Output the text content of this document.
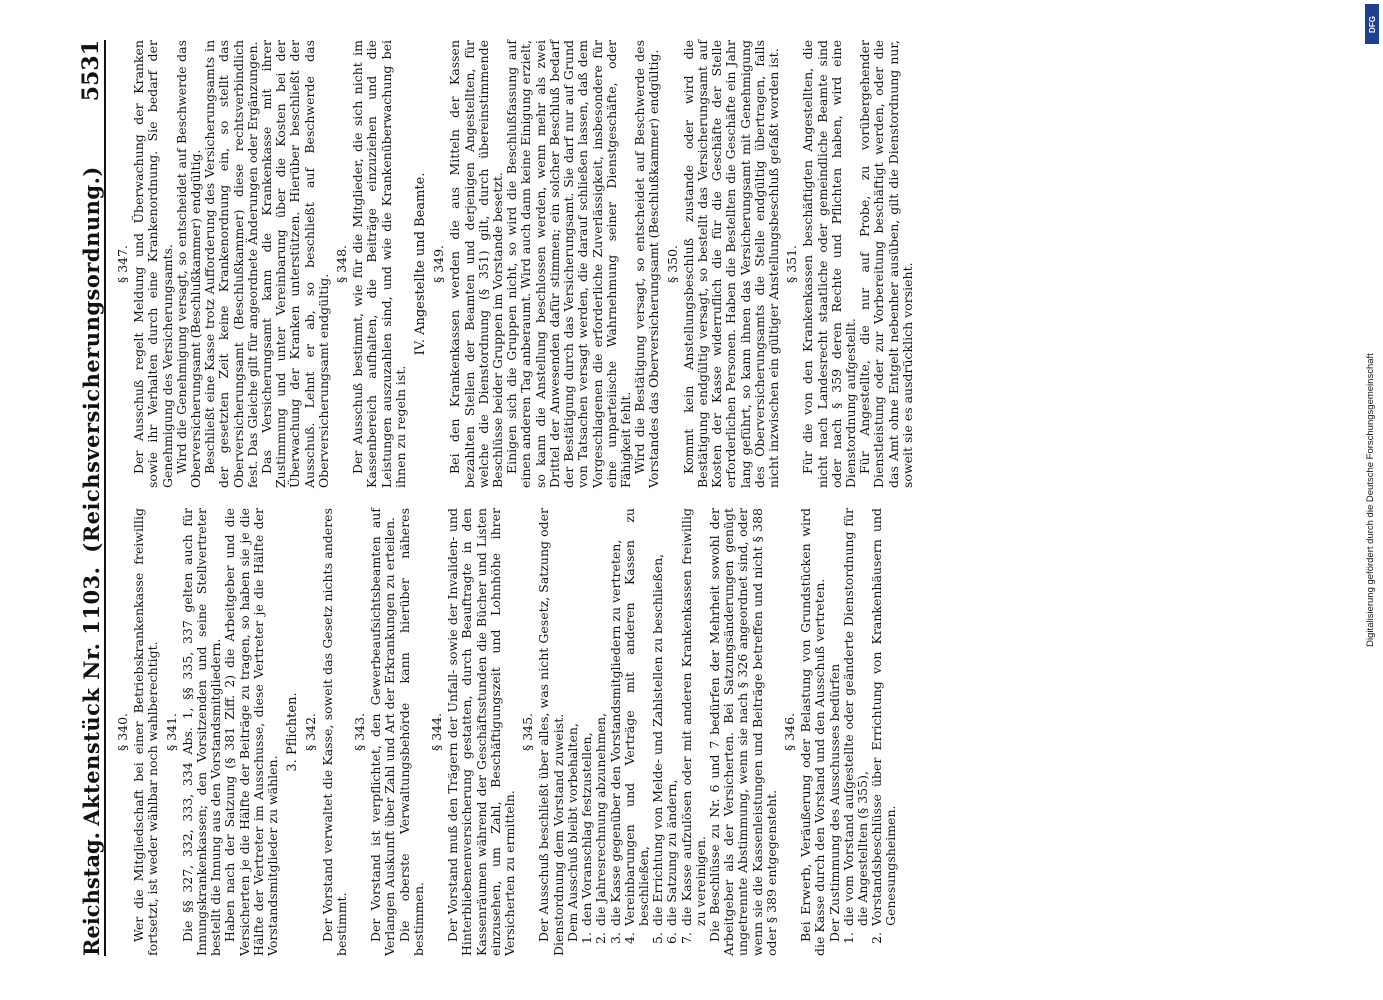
Reichstag.
Aktenstück Nr. 1103. (Reichsversicherungsordnung.)
5531
§ 340. Wer die Mitgliedschaft bei einer Betriebskrankenkasse freiwillig fortsetzt, ist weder wählbar noch wahlberechtigt. § 341. Die §§ 327, 332, 333, 334 Abs. 1, §§ 335, 337 gelten auch für Innungskrankenkassen; den Vorsitzenden und seine Stellvertreter bestellt die Innung aus den Vorstandsmitgliedern. Haben nach der Satzung (§ 381 Ziff. 2) die Arbeitgeber und die Versicherten je die Hälfte der Beiträge zu tragen, so haben sie je die Hälfte der Vertreter im Ausschusse, diese Vertreter je die Hälfte der Vorstandsmitglieder zu wählen.

3. Pflichten. § 342. Der Vorstand verwaltet die Kasse, soweit das Gesetz nichts anderes bestimmt.

§ 343. Der Vorstand ist verpflichtet, den Gewerbeaufsichtsbeamten auf Verlangen Auskunft über Zahl und Art der Erkrankungen zu erteilen. Die oberste Verwaltungsbehörde kann hierüber näheres bestimmen.

§ 344. Der Vorstand muß den Trägern der Unfall- sowie der Invaliden- und Hinterbliebenenversicherung gestatten, durch Beauftragte in den Kassenräumen während der Geschäftsstunden die Bücher und Listen einzusehen, um Zahl, Beschäftigungszeit und Lohnhöhe ihrer Versicherten zu ermitteln.

§ 345. Der Ausschuß beschließt über alles, was nicht Gesetz, Satzung oder Dienstordnung dem Vorstand zuweist. Dem Ausschuß bleibt vorbehalten, 1.
den Voranschlag festzustellen,
2.
die Jahresrechnung abzunehmen,
3.
die Kasse gegenüber den Vorstandsmitgliedern zu vertreten,
4.
Vereinbarungen und Verträge mit anderen Kassen zu beschließen,
5.
die Errichtung von Melde- und Zahlstellen zu beschließen,
6.
die Satzung zu ändern,
7.
die Kasse aufzulösen oder mit anderen Krankenkassen freiwillig zu vereinigen. Die Beschlüsse zu Nr. 6 und 7 bedürfen der Mehrheit sowohl der Arbeitgeber als der Versicherten. Bei Satzungsänderungen genügt ungetrennte Abstimmung, wenn sie nach § 326 angeordnet sind, oder wenn sie die Kassenleistungen und Beiträge betreffen und nicht § 388 oder § 389 entgegensteht.

§ 346. Bei Erwerb, Veräußerung oder Belastung von Grundstücken wird die Kasse durch den Vorstand und den Ausschuß vertreten. Der Zustimmung des Ausschusses bedürfen 1.
die vom Vorstand aufgestellte oder geänderte Dienstordnung für die Angestellten (§ 355),
2.
Vorstandsbeschlüsse über Errichtung von Krankenhäusern und Genesungsheimen.
§ 347. Der Ausschuß regelt Meldung und Überwachung der Kranken sowie ihr Verhalten durch eine Krankenordnung. Sie bedarf der Genehmigung des Versicherungsamts. Wird die Genehmigung versagt, so entscheidet auf Beschwerde das Oberversicherungsamt (Beschlußkammer) endgültig. Beschließt eine Kasse trotz Aufforderung des Versicherungsamts in der gesetzten Zeit keine Krankenordnung ein, so stellt das Oberversicherungsamt (Beschlußkammer) diese rechtsverbindlich fest. Das Gleiche gilt für angeordnete Änderungen oder Ergänzungen. Das Versicherungsamt kann die Krankenkasse mit ihrer Zustimmung und unter Vereinbarung über die Kosten bei der Überwachung der Kranken unterstützen. Hierüber beschließt der Ausschuß. Lehnt er ab, so beschließt auf Beschwerde das Oberversicherungsamt endgültig.

§ 348. Der Ausschuß bestimmt, wie für die Mitglieder, die sich nicht im Kassenbereich aufhalten, die Beiträge einzuziehen und die Leistungen auszuzahlen sind, und wie die Krankenüberwachung bei ihnen zu regeln ist.

IV. Angestellte und Beamte. § 349. Bei den Krankenkassen werden die aus Mitteln der Kassen bezahlten Stellen der Beamten und derjenigen Angestellten, für welche die Dienstordnung (§ 351) gilt, durch übereinstimmende Beschlüsse beider Gruppen im Vorstande besetzt. Einigen sich die Gruppen nicht, so wird die Beschlußfassung auf einen anderen Tag anberaumt. Wird auch dann keine Einigung erzielt, so kann die Anstellung beschlossen werden, wenn mehr als zwei Drittel der Anwesenden dafür stimmen; ein solcher Beschluß bedarf der Bestätigung durch das Versicherungsamt. Sie darf nur auf Grund von Tatsachen versagt werden, die darauf schließen lassen, daß dem Vorgeschlagenen die erforderliche Zuverlässigkeit, insbesondere für eine unparteiische Wahrnehmung seiner Dienstgeschäfte, oder Fähigkeit fehlt. Wird die Bestätigung versagt, so entscheidet auf Beschwerde des Vorstandes das Oberversicherungsamt (Beschlußkammer) endgültig. § 350. Kommt kein Anstellungsbeschluß zustande oder wird die Bestätigung endgültig versagt, so bestellt das Versicherungsamt auf Kosten der Kasse widerruflich die für die Geschäfte der Stelle erforderlichen Personen. Haben die Bestellten die Geschäfte ein Jahr lang geführt, so kann ihnen das Versicherungsamt mit Genehmigung des Oberversicherungsamts die Stelle endgültig übertragen, falls nicht inzwischen ein gültiger Anstellungsbeschluß gefaßt worden ist. § 351. Für die von den Krankenkassen beschäftigten Angestellten, die nicht nach Landesrecht staatliche oder gemeindliche Beamte sind oder nach § 359 deren Rechte und Pflichten haben, wird eine Dienstordnung aufgestellt. Für Angestellte, die nur auf Probe, zu vorübergehender Dienstleistung oder zur Vorbereitung beschäftigt werden, oder die das Amt ohne Entgelt nebenher ausüben, gilt die Dienstordnung nur, soweit sie es ausdrücklich vorsieht.	Digitalisierung gefördert durch die Deutsche Forschungsgemeinschaft
DFG
